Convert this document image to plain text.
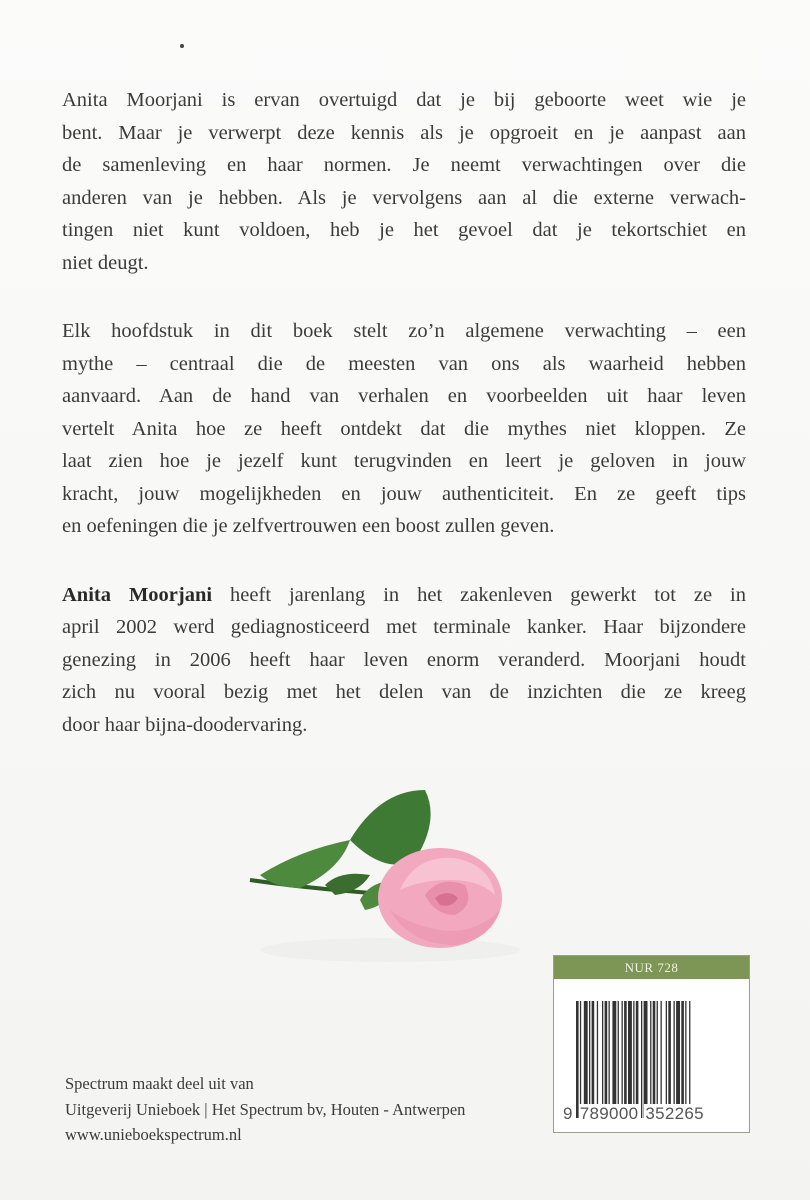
Anita Moorjani is ervan overtuigd dat je bij geboorte weet wie je
bent. Maar je verwerpt deze kennis als je opgroeit en je aanpast aan
de samenleving en haar normen. Je neemt verwachtingen over die
anderen van je hebben. Als je vervolgens aan al die externe verwach-
tingen niet kunt voldoen, heb je het gevoel dat je tekortschiet en
niet deugt.
Elk hoofdstuk in dit boek stelt zo’n algemene verwachting – een
mythe – centraal die de meesten van ons als waarheid hebben
aanvaard. Aan de hand van verhalen en voorbeelden uit haar leven
vertelt Anita hoe ze heeft ontdekt dat die mythes niet kloppen. Ze
laat zien hoe je jezelf kunt terugvinden en leert je geloven in jouw
kracht, jouw mogelijkheden en jouw authenticiteit. En ze geeft tips
en oefeningen die je zelfvertrouwen een boost zullen geven.
Anita Moorjani heeft jarenlang in het zakenleven gewerkt tot ze in
april 2002 werd gediagnosticeerd met terminale kanker. Haar bijzondere
genezing in 2006 heeft haar leven enorm veranderd. Moorjani houdt
zich nu vooral bezig met het delen van de inzichten die ze kreeg
door haar bijna-doodervaring.
NUR 728
9 789000 352265
Spectrum maakt deel uit van
Uitgeverij Unieboek | Het Spectrum bv, Houten - Antwerpen
www.unieboekspectrum.nl
